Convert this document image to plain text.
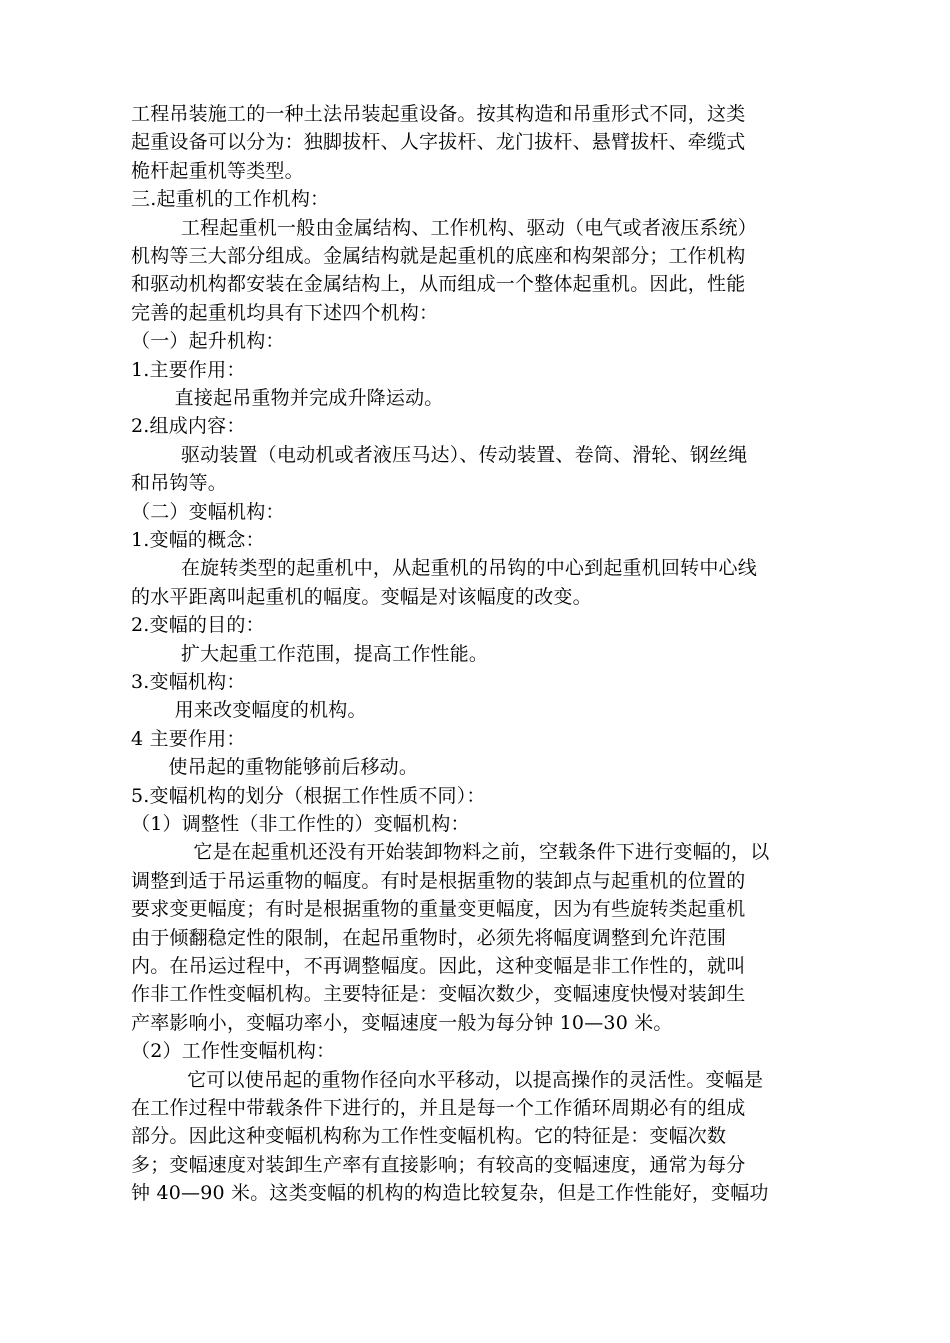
工程吊装施工的一种土法吊装起重设备。按其构造和吊重形式不同，这类
起重设备可以分为：独脚拔杆、人字拔杆、龙门拔杆、悬臂拔杆、牵缆式
桅杆起重机等类型。
三.起重机的工作机构：
工程起重机一般由金属结构、工作机构、驱动（电气或者液压系统）
机构等三大部分组成。金属结构就是起重机的底座和构架部分；工作机构
和驱动机构都安装在金属结构上，从而组成一个整体起重机。因此，性能
完善的起重机均具有下述四个机构：
（一）起升机构：
1.主要作用：
直接起吊重物并完成升降运动。
2.组成内容：
驱动装置（电动机或者液压马达）、传动装置、卷筒、滑轮、钢丝绳
和吊钩等。
（二）变幅机构：
1.变幅的概念：
在旋转类型的起重机中，从起重机的吊钩的中心到起重机回转中心线
的水平距离叫起重机的幅度。变幅是对该幅度的改变。
2.变幅的目的：
扩大起重工作范围，提高工作性能。
3.变幅机构：
用来改变幅度的机构。
4 主要作用：
使吊起的重物能够前后移动。
5.变幅机构的划分（根据工作性质不同）：
（1）调整性（非工作性的）变幅机构：
它是在起重机还没有开始装卸物料之前，空载条件下进行变幅的，以
调整到适于吊运重物的幅度。有时是根据重物的装卸点与起重机的位置的
要求变更幅度；有时是根据重物的重量变更幅度，因为有些旋转类起重机
由于倾翻稳定性的限制，在起吊重物时，必须先将幅度调整到允许范围
内。在吊运过程中，不再调整幅度。因此，这种变幅是非工作性的，就叫
作非工作性变幅机构。主要特征是：变幅次数少，变幅速度快慢对装卸生
产率影响小，变幅功率小，变幅速度一般为每分钟 10—30 米。
（2）工作性变幅机构：
它可以使吊起的重物作径向水平移动，以提高操作的灵活性。变幅是
在工作过程中带载条件下进行的，并且是每一个工作循环周期必有的组成
部分。因此这种变幅机构称为工作性变幅机构。它的特征是：变幅次数
多；变幅速度对装卸生产率有直接影响；有较高的变幅速度，通常为每分
钟 40—90 米。这类变幅的机构的构造比较复杂，但是工作性能好，变幅功
